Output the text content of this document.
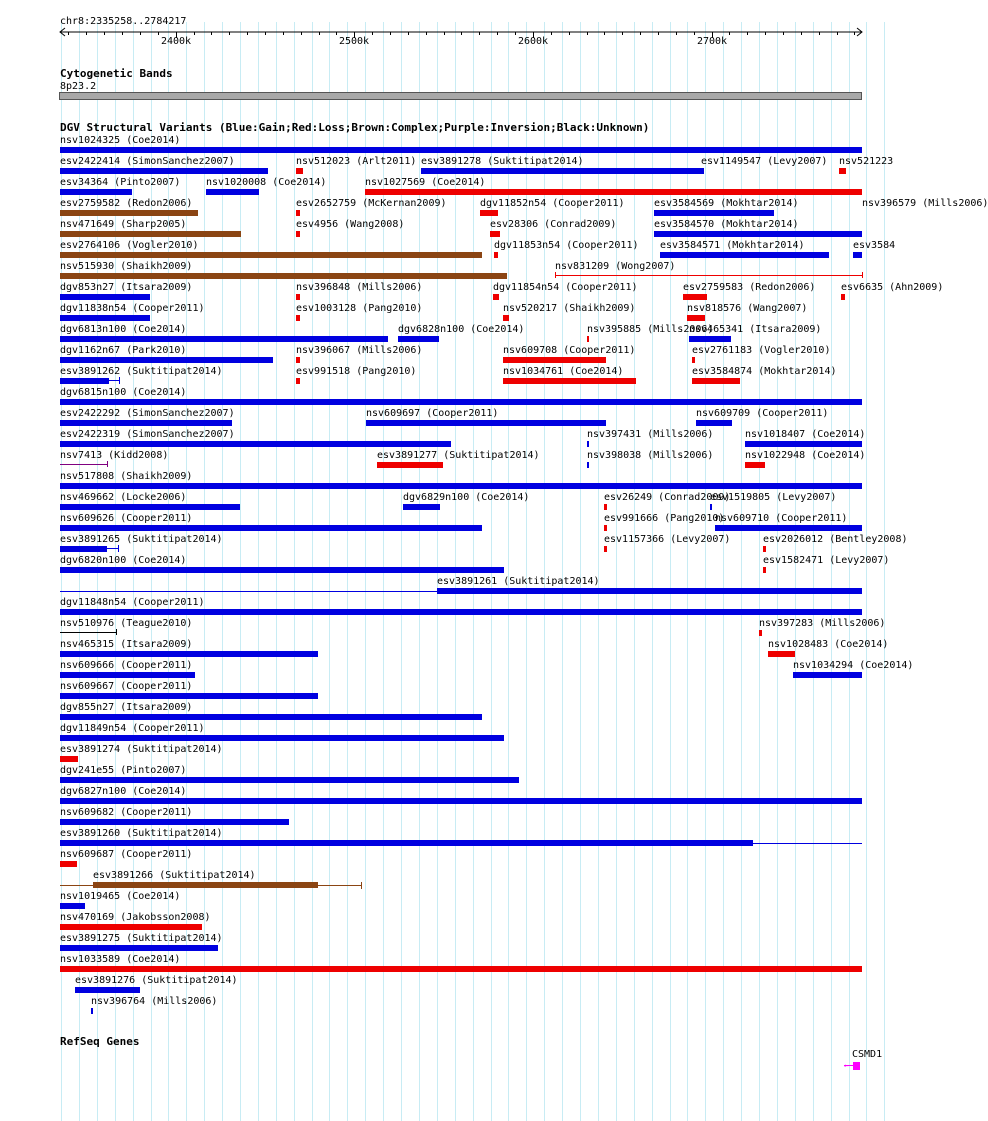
chr8:2335258..2784217
2400k	2500k	2600k	2700k
Cytogenetic Bands
8p23.2
DGV Structural Variants (Blue:Gain;Red:Loss;Brown:Complex;Purple:Inversion;Black:Unknown)
nsv1024325 (Coe2014)
esv2422414 (SimonSanchez2007)	nsv512023 (Arlt2011) esv3891278 (Suktitipat2014)	esv1149547 (Levy2007) nsv521223
esv34364 (Pinto2007)	nsv1020008 (Coe2014)	nsv1027569 (Coe2014)
esv2759582 (Redon2006)	esv2652759 (McKernan2009)	dgv11852n54 (Cooper2011)	esv3584569 (Mokhtar2014)	nsv396579 (Mills2006)
nsv471649 (Sharp2005)	esv4956 (Wang2008)	esv28306 (Conrad2009)	esv3584570 (Mokhtar2014)
esv2764106 (Vogler2010)	dgv11853n54 (Cooper2011) esv3584571 (Mokhtar2014)	esv3584
nsv515930 (Shaikh2009)	nsv831209 (Wong2007)
dgv853n27 (Itsara2009)	nsv396848 (Mills2006)	dgv11854n54 (Cooper2011)	esv2759583 (Redon2006)	esv6635 (Ahn2009)
dgv11838n54 (Cooper2011)	esv1003128 (Pang2010)	nsv520217 (Shaikh2009)	nsv818576 (Wang2007)
dgv6813n100 (Coe2014)	dgv6828n100 (Coe2014)	nsv395885 (Mills2006)
nsv465341 (Itsara2009)
dgv1162n67 (Park2010)	nsv396067 (Mills2006)	nsv609708 (Cooper2011)	esv2761183 (Vogler2010)
esv3891262 (Suktitipat2014)	esv991518 (Pang2010)	nsv1034761 (Coe2014)	esv3584874 (Mokhtar2014)
dgv6815n100 (Coe2014)
esv2422292 (SimonSanchez2007)	nsv609697 (Cooper2011)	nsv609709 (Cooper2011)
esv2422319 (SimonSanchez2007)	nsv397431 (Mills2006)	nsv1018407 (Coe2014)
nsv7413 (Kidd2008)	esv3891277 (Suktitipat2014)	nsv398038 (Mills2006)	nsv1022948 (Coe2014)
nsv517808 (Shaikh2009)
nsv469662 (Locke2006)	dgv6829n100 (Coe2014)	esv26249 (Conrad2009)
esv1519805 (Levy2007)
nsv609626 (Cooper2011)	esv991666 (Pang2010)
nsv609710 (Cooper2011)
esv3891265 (Suktitipat2014)	esv1157366 (Levy2007)	esv2026012 (Bentley2008)
dgv6820n100 (Coe2014)	esv1582471 (Levy2007)
esv3891261 (Suktitipat2014)
dgv11848n54 (Cooper2011)
nsv510976 (Teague2010)	nsv397283 (Mills2006)
nsv465315 (Itsara2009)	nsv1028483 (Coe2014)
nsv609666 (Cooper2011)	nsv1034294 (Coe2014)
nsv609667 (Cooper2011)
dgv855n27 (Itsara2009)
dgv11849n54 (Cooper2011)
esv3891274 (Suktitipat2014)
dgv241e55 (Pinto2007)
dgv6827n100 (Coe2014)
nsv609682 (Cooper2011)
esv3891260 (Suktitipat2014)
nsv609687 (Cooper2011)
esv3891266 (Suktitipat2014)
nsv1019465 (Coe2014)
nsv470169 (Jakobsson2008)
esv3891275 (Suktitipat2014)
nsv1033589 (Coe2014)
esv3891276 (Suktitipat2014)
nsv396764 (Mills2006)
RefSeq Genes
CSMD1
←
